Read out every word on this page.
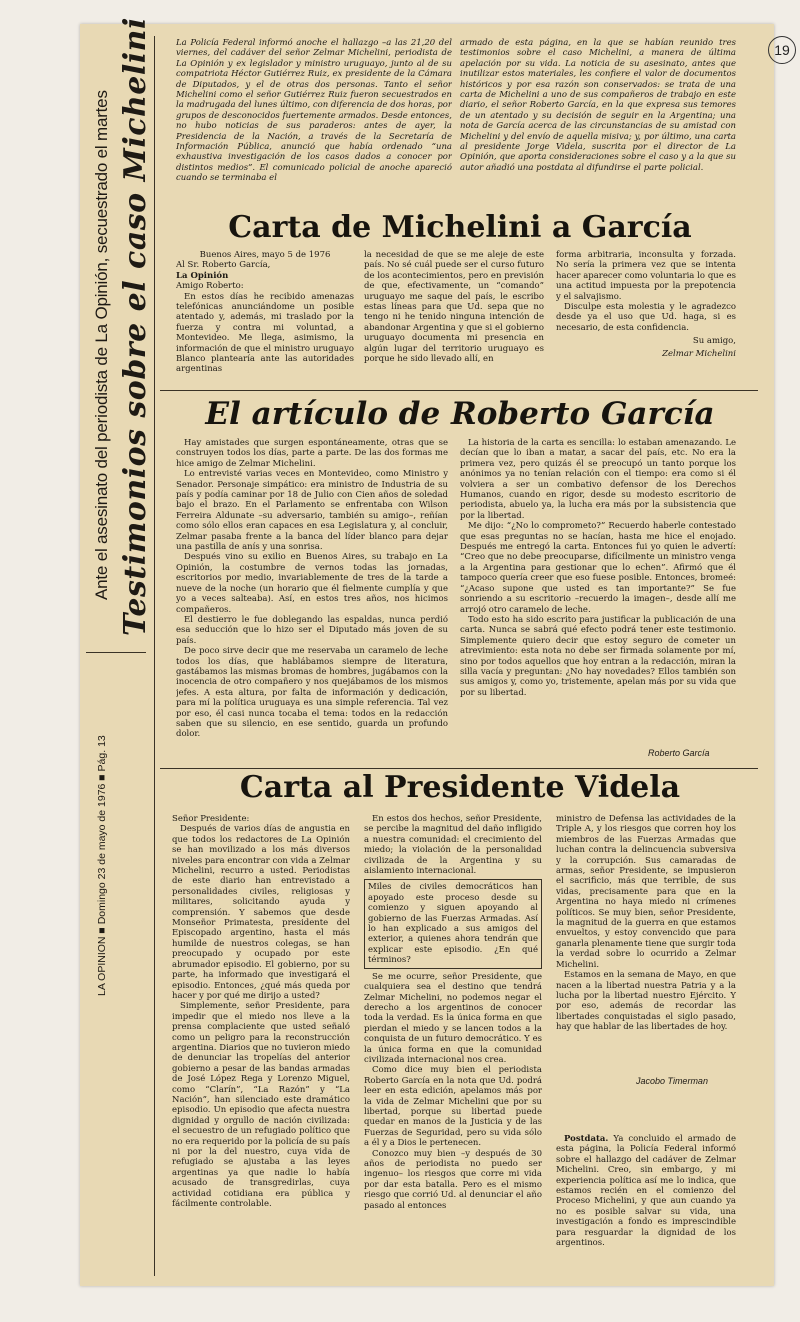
19
Ante el asesinato del periodista de La Opinión, secuestrado el martes Testimonios sobre el caso Michelini
LA OPINION ■ Domingo 23 de mayo de 1976 ■ Pág. 13

La Policía Federal informó anoche el hallazgo –a las 21,20 del viernes, del cadáver del señor Zelmar Michelini, periodista de La Opinión y ex legislador y ministro uruguayo, junto al de su compatriota Héctor Gutiérrez Ruiz, ex presidente de la Cámara de Diputados, y el de otras dos personas. Tanto el señor Michelini como el señor Gutiérrez Ruiz fueron secuestrados en la madrugada del lunes último, con diferencia de dos horas, por grupos de desconocidos fuertemente armados. Desde entonces, no hubo noticias de sus paraderos: antes de ayer, la Presidencia de la Nación, a través de la Secretaría de Información Pública, anunció que había ordenado “una exhaustiva investigación de los casos dados a conocer por distintos medios”. El comunicado policial de anoche apareció cuando se terminaba el

armado de esta página, en la que se habían reunido tres testimonios sobre el caso Michelini, a manera de última apelación por su vida. La noticia de su asesinato, antes que inutilizar estos materiales, les confiere el valor de documentos históricos y por esa razón son conservados: se trata de una carta de Michelini a uno de sus compañeros de trabajo en este diario, el señor Roberto García, en la que expresa sus temores de un atentado y su decisión de seguir en la Argentina; una nota de García acerca de las circunstancias de su amistad con Michelini y del envío de aquella misiva; y, por último, una carta al presidente Jorge Videla, suscrita por el director de La Opinión, que aporta consideraciones sobre el caso y a la que su autor añadió una postdata al difundirse el parte policial.

Carta de Michelini a García

Buenos Aires, mayo 5 de 1976

Al Sr. Roberto García,

La Opinión

Amigo Roberto:

En estos días he recibido amenazas telefónicas anunciándome un posible atentado y, además, mi traslado por la fuerza y contra mi voluntad, a Montevideo. Me llega, asimismo, la información de que el ministro uruguayo Blanco plantearía ante las autoridades argentinas

la necesidad de que se me aleje de este país. No sé cuál puede ser el curso futuro de los acontecimientos, pero en previsión de que, efectivamente, un “comando” uruguayo me saque del país, le escribo estas líneas para que Ud. sepa que no tengo ni he tenido ninguna intención de abandonar Argentina y que si el gobierno uruguayo documenta mi presencia en algún lugar del territorio uruguayo es porque he sido llevado allí, en

forma arbitraria, inconsulta y forzada. No sería la primera vez que se intenta hacer aparecer como voluntaria lo que es una actitud impuesta por la prepotencia y el salvajismo.

Disculpe esta molestia y le agradezco desde ya el uso que Ud. haga, si es necesario, de esta confidencia.

Su amigo,

Zelmar Michelini

El artículo de Roberto García

Hay amistades que surgen espontáneamente, otras que se construyen todos los días, parte a parte. De las dos formas me hice amigo de Zelmar Michelini.

Lo entrevisté varias veces en Montevideo, como Ministro y Senador. Personaje simpático: era ministro de Industria de su país y podía caminar por 18 de Julio con Cien años de soledad bajo el brazo. En el Parlamento se enfrentaba con Wilson Ferreira Aldunate –su adversario, también su amigo–, reñían como sólo ellos eran capaces en esa Legislatura y, al concluir, Zelmar pasaba frente a la banca del líder blanco para dejar una pastilla de anís y una sonrisa.

Después vino su exilio en Buenos Aires, su trabajo en La Opinión, la costumbre de vernos todas las jornadas, escritorios por medio, invariablemente de tres de la tarde a nueve de la noche (un horario que él fielmente cumplía y que yo a veces salteaba). Así, en estos tres años, nos hicimos compañeros.

El destierro le fue doblegando las espaldas, nunca perdió esa seducción que lo hizo ser el Diputado más joven de su país.

De poco sirve decir que me reservaba un caramelo de leche todos los días, que hablábamos siempre de literatura, gastábamos las mismas bromas de hombres, jugábamos con la inocencia de otro compañero y nos quejábamos de los mismos jefes. A esta altura, por falta de información y dedicación, para mí la política uruguaya es una simple referencia. Tal vez por eso, él casi nunca tocaba el tema: todos en la redacción saben que su silencio, en ese sentido, guarda un profundo dolor.

La historia de la carta es sencilla: lo estaban amenazando. Le decían que lo iban a matar, a sacar del país, etc. No era la primera vez, pero quizás él se preocupó un tanto porque los anónimos ya no tenían relación con el tiempo: era como si él volviera a ser un combativo defensor de los Derechos Humanos, cuando en rigor, desde su modesto escritorio de periodista, abuelo ya, la lucha era más por la subsistencia que por la libertad.

Me dijo: “¿No lo comprometo?” Recuerdo haberle contestado que esas preguntas no se hacían, hasta me hice el enojado. Después me entregó la carta. Entonces fui yo quien le advertí: “Creo que no debe preocuparse, difícilmente un ministro venga a la Argentina para gestionar que lo echen”. Afirmó que él tampoco quería creer que eso fuese posible. Entonces, bromeé: “¿Acaso supone que usted es tan importante?” Se fue sonriendo a su escritorio –recuerdo la imagen–, desde allí me arrojó otro caramelo de leche.

Todo esto ha sido escrito para justificar la publicación de una carta. Nunca se sabrá qué efecto podrá tener este testimonio. Simplemente quiero decir que estoy seguro de cometer un atrevimiento: esta nota no debe ser firmada solamente por mí, sino por todos aquellos que hoy entran a la redacción, miran la silla vacía y preguntan: ¿No hay novedades? Ellos también son sus amigos y, como yo, tristemente, apelan más por su vida que por su libertad.

Roberto García
Carta al Presidente Videla

Señor Presidente:

Después de varios días de angustia en que todos los redactores de La Opinión se han movilizado a los más diversos niveles para encontrar con vida a Zelmar Michelini, recurro a usted. Periodistas de este diario han entrevistado a personalidades civiles, religiosas y militares, solicitando ayuda y comprensión. Y sabemos que desde Monseñor Primatesta, presidente del Episcopado argentino, hasta el más humilde de nuestros colegas, se han preocupado y ocupado por este abrumador episodio. El gobierno, por su parte, ha informado que investigará el episodio. Entonces, ¿qué más queda por hacer y por qué me dirijo a usted?

Simplemente, señor Presidente, para impedir que el miedo nos lleve a la prensa complaciente que usted señaló como un peligro para la reconstrucción argentina. Diarios que no tuvieron miedo de denunciar las tropelías del anterior gobierno a pesar de las bandas armadas de José López Rega y Lorenzo Miguel, como “Clarín”, “La Razón” y “La Nación”, han silenciado este dramático episodio. Un episodio que afecta nuestra dignidad y orgullo de nación civilizada: el secuestro de un refugiado político que no era requerido por la policía de su país ni por la del nuestro, cuya vida de refugiado se ajustaba a las leyes argentinas ya que nadie lo había acusado de transgredirlas, cuya actividad cotidiana era pública y fácilmente controlable.

En estos dos hechos, señor Presidente, se percibe la magnitud del daño infligido a nuestra comunidad: el crecimiento del miedo; la violación de la personalidad civilizada de la Argentina y su aislamiento internacional.

Miles de civiles democráticos han apoyado este proceso desde su comienzo y siguen apoyando al gobierno de las Fuerzas Armadas. Así lo han explicado a sus amigos del exterior, a quienes ahora tendrán que explicar este episodio. ¿En qué términos?

Se me ocurre, señor Presidente, que cualquiera sea el destino que tendrá Zelmar Michelini, no podemos negar el derecho a los argentinos de conocer toda la verdad. Es la única forma en que pierdan el miedo y se lancen todos a la conquista de un futuro democrático. Y es la única forma en que la comunidad civilizada internacional nos crea.

Como dice muy bien el periodista Roberto García en la nota que Ud. podrá leer en esta edición, apelamos más por la vida de Zelmar Michelini que por su libertad, porque su libertad puede quedar en manos de la Justicia y de las Fuerzas de Seguridad, pero su vida sólo a él y a Dios le pertenecen.

Conozco muy bien –y después de 30 años de periodista no puedo ser ingenuo– los riesgos que corre mi vida por dar esta batalla. Pero es el mismo riesgo que corrió Ud. al denunciar el año pasado al entonces

ministro de Defensa las actividades de la Triple A, y los riesgos que corren hoy los miembros de las Fuerzas Armadas que luchan contra la delincuencia subversiva y la corrupción. Sus camaradas de armas, señor Presidente, se impusieron el sacrificio, más que terrible, de sus vidas, precisamente para que en la Argentina no haya miedo ni crímenes políticos. Se muy bien, señor Presidente, la magnitud de la guerra en que estamos envueltos, y estoy convencido que para ganarla plenamente tiene que surgir toda la verdad sobre lo ocurrido a Zelmar Michelini.

Estamos en la semana de Mayo, en que nacen a la libertad nuestra Patria y a la lucha por la libertad nuestro Ejército. Y por eso, además de recordar las libertades conquistadas el siglo pasado, hay que hablar de las libertades de hoy.

Jacobo Timerman

Postdata. Ya concluido el armado de esta página, la Policía Federal informó sobre el hallazgo del cadáver de Zelmar Michelini. Creo, sin embargo, y mi experiencia política así me lo indica, que estamos recién en el comienzo del Proceso Michelini, y que aun cuando ya no es posible salvar su vida, una investigación a fondo es imprescindible para resguardar la dignidad de los argentinos.
